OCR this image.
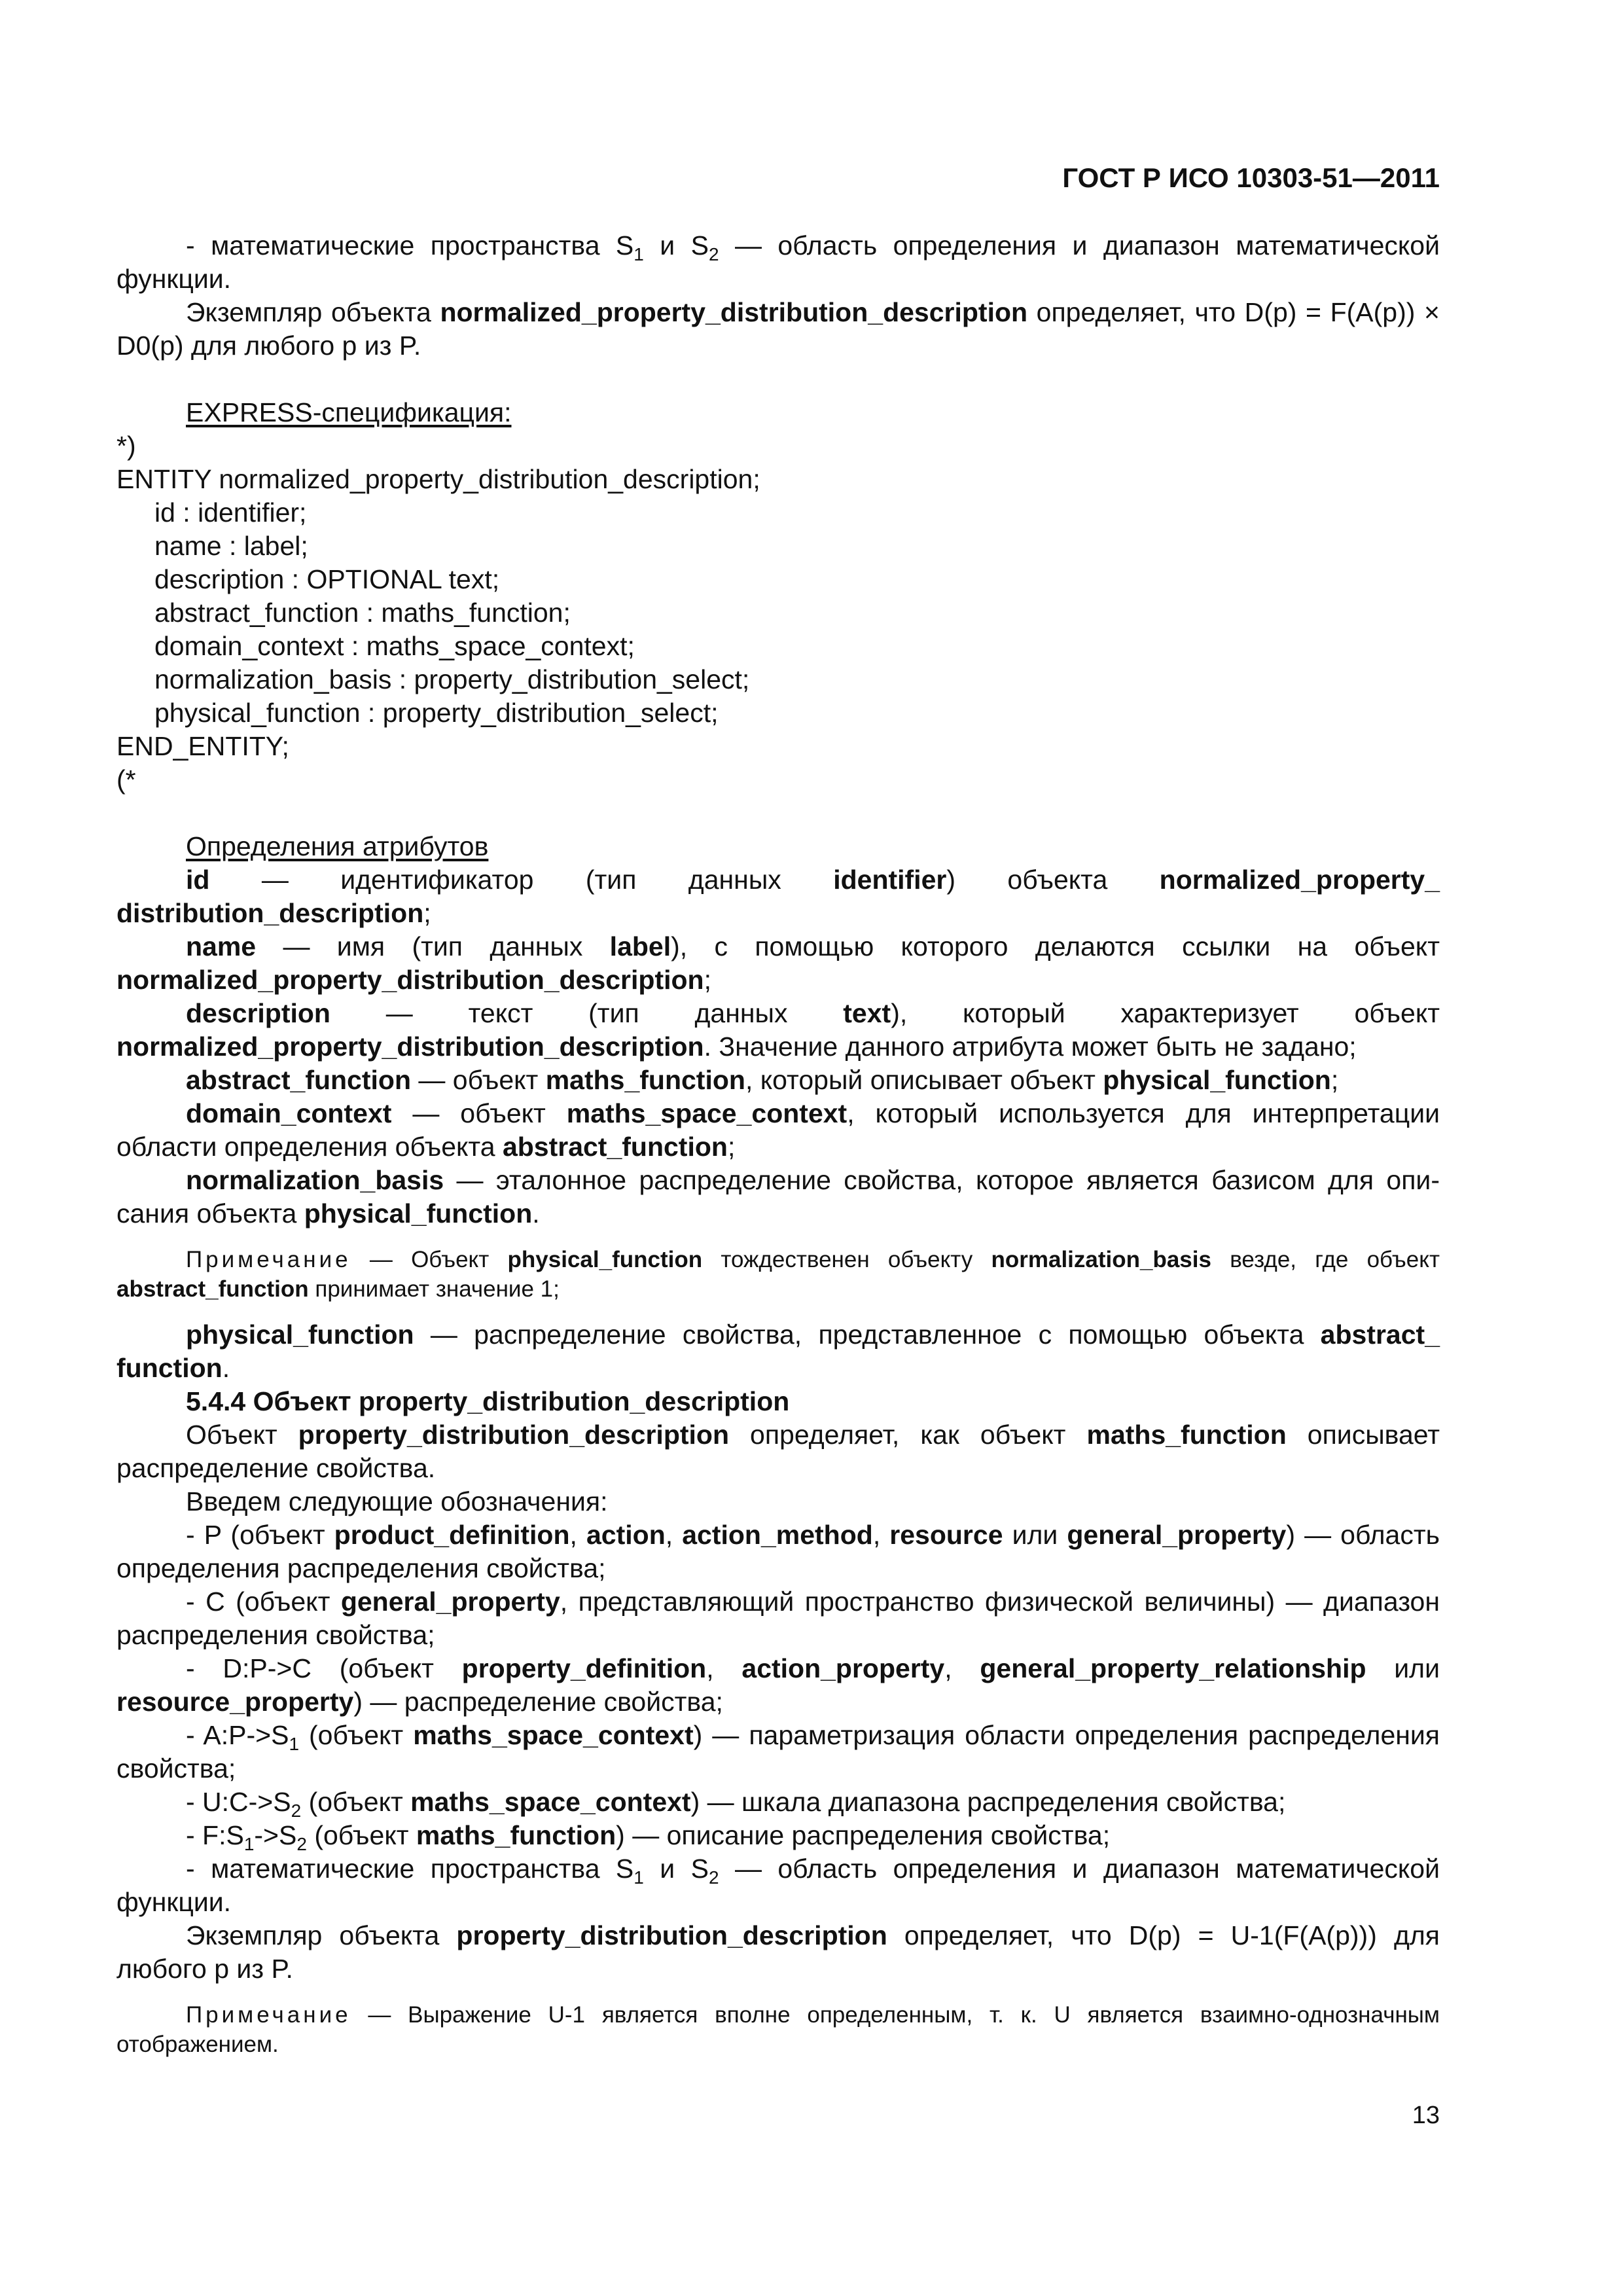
ГОСТ Р ИСО 10303-51—2011

- математические пространства $S_1$ и $S_2$ — область определения и диапазон математической функции.

Экземпляр объекта normalized_property_distribution_description определяет, что D(p) = F(A(p)) × D0(p) для любого p из P.

EXPRESS-спецификация:

*)

ENTITY normalized_property_distribution_description;

id : identifier;

name : label;

description : OPTIONAL text;

abstract_function : maths_function;

domain_context : maths_space_context;

normalization_basis : property_distribution_select;

physical_function : property_distribution_select;

END_ENTITY;

(*

Определения атрибутов

id — идентификатор (тип данных identifier) объекта normalized_property_ distribution_description;

name — имя (тип данных label), с помощью которого делаются ссылки на объект normalized_property_distribution_description;

description — текст (тип данных text), который характеризует объект normalized_property_distribution_description. Значение данного атрибута может быть не задано;

abstract_function — объект maths_function, который описывает объект physical_function;

domain_context — объект maths_space_context, который используется для интерпретации области определения объекта abstract_function;

normalization_basis — эталонное распределение свойства, которое является базисом для описания объекта physical_function.

Примечание — Объект physical_function тождественен объекту normalization_basis везде, где объект abstract_function принимает значение 1;

physical_function — распределение свойства, представленное с помощью объекта abstract_ function.

5.4.4 Объект property_distribution_description

Объект property_distribution_description определяет, как объект maths_function описывает распределение свойства.

Введем следующие обозначения:

- P (объект product_definition, action, action_method, resource или general_property) — область определения распределения свойства;

- C (объект general_property, представляющий пространство физической величины) — диапазон распределения свойства;

- D:P->C (объект property_definition, action_property, general_property_relationship или resource_property) — распределение свойства;

- $A:P->S_1$ (объект maths_space_context) — параметризация области определения распределения свойства;

- $U:C->S_2$ (объект maths_space_context) — шкала диапазона распределения свойства;

- $F:S_1->S_2$ (объект maths_function) — описание распределения свойства;

- математические пространства $S_1$ и $S_2$ — область определения и диапазон математической функции.

Экземпляр объекта property_distribution_description определяет, что D(p) = U-1(F(A(p))) для любого p из P.

Примечание — Выражение U-1 является вполне определенным, т. к. U является взаимно-однозначным отображением.

13
